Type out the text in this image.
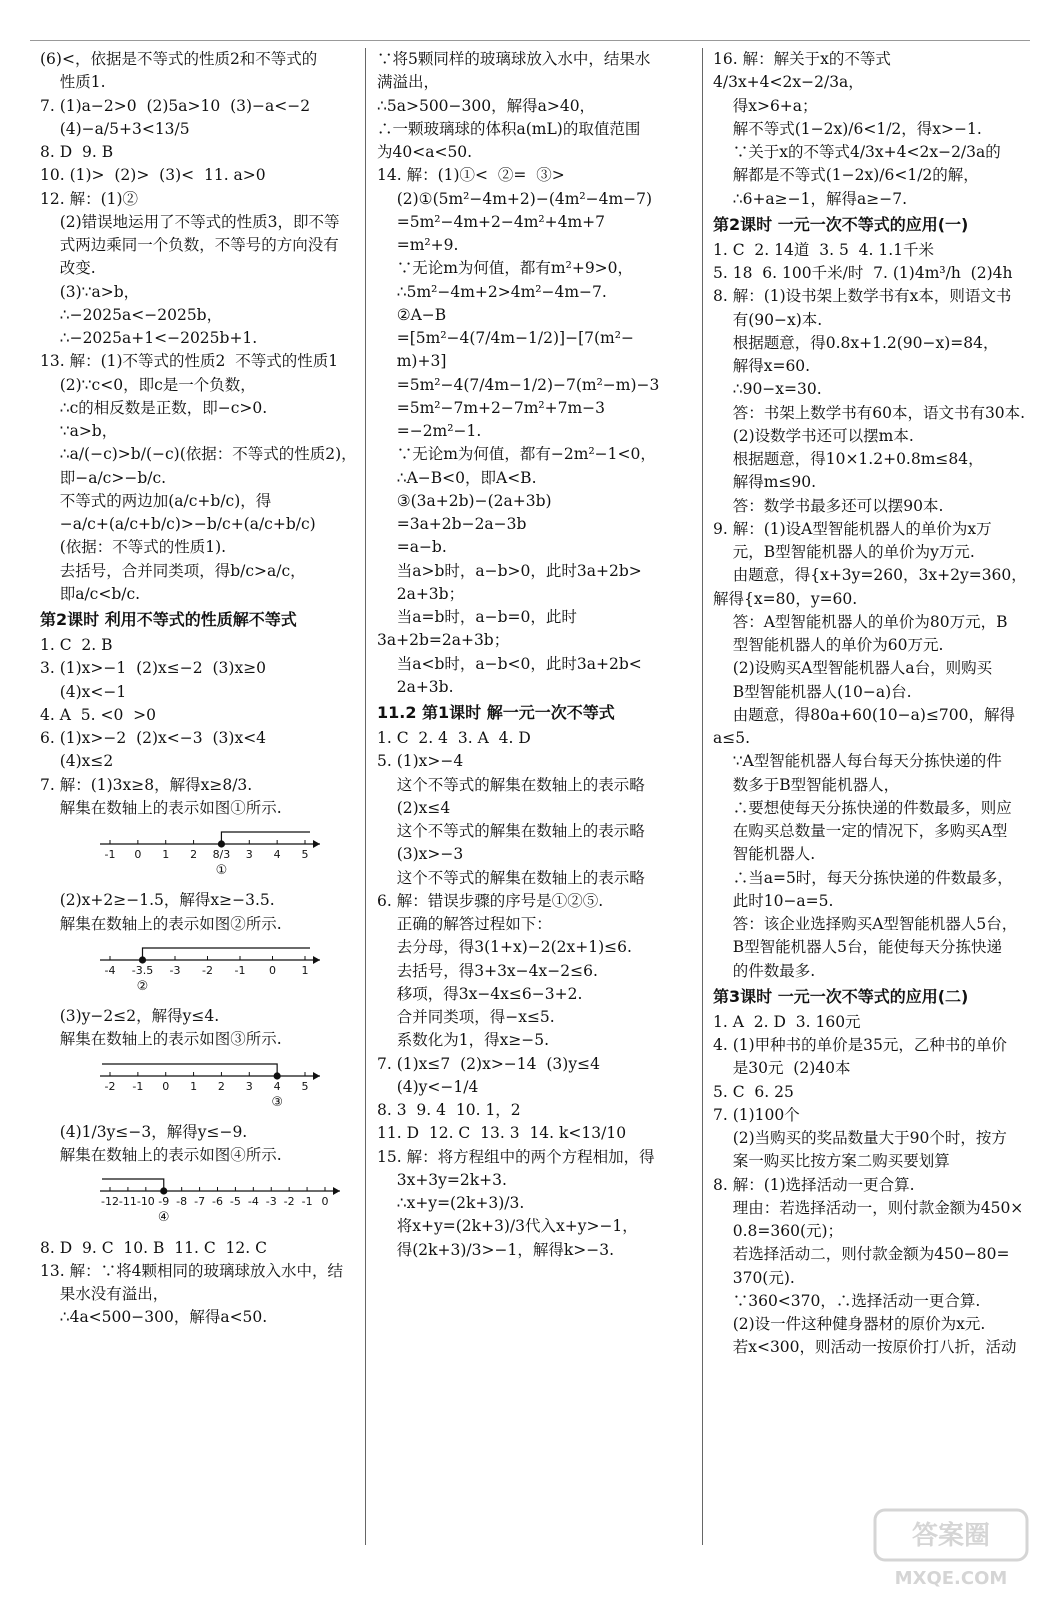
(6)<，依据是不等式的性质2和不等式的
性质1.
7. (1)a−2>0  (2)5a>10  (3)−a<−2
(4)−a/5+3<13/5
8. D  9. B
10. (1)>  (2)>  (3)<  11. a>0
12. 解：(1)②
(2)错误地运用了不等式的性质3，即不等
式两边乘同一个负数，不等号的方向没有
改变.
(3)∵a>b，
∴−2025a<−2025b，
∴−2025a+1<−2025b+1.
13. 解：(1)不等式的性质2  不等式的性质1
(2)∵c<0，即c是一个负数，
∴c的相反数是正数，即−c>0.
∵a>b，
∴a/(−c)>b/(−c)(依据：不等式的性质2)，
即−a/c>−b/c.
不等式的两边加(a/c+b/c)，得
−a/c+(a/c+b/c)>−b/c+(a/c+b/c)
(依据：不等式的性质1).
去括号，合并同类项，得b/c>a/c，
即a/c<b/c.
第2课时 利用不等式的性质解不等式
1. C  2. B
3. (1)x>−1  (2)x≤−2  (3)x≥0
(4)x<−1
4. A  5. <0  >0
6. (1)x>−2  (2)x<−3  (3)x<4
(4)x≤2
7. 解：(1)3x≥8，解得x≥8/3.
解集在数轴上的表示如图①所示.
-1 0 1 2 8/3 3 4 5
①
(2)x+2≥−1.5，解得x≥−3.5.
解集在数轴上的表示如图②所示.
-4 -3.5 -3 -2 -1 0 1
②
(3)y−2≤2，解得y≤4.
解集在数轴上的表示如图③所示.
-2 -1 0 1 2 3 4 5
③
(4)1/3y≤−3，解得y≤−9.
解集在数轴上的表示如图④所示.
-12 -11 -10 -9 -8 -7 -6 -5 -4 -3 -2 -1 0
④
8. D  9. C  10. B  11. C  12. C
13. 解：∵将4颗相同的玻璃球放入水中，结
果水没有溢出，
∴4a<500−300，解得a<50.
∵将5颗同样的玻璃球放入水中，结果水
满溢出，
∴5a>500−300，解得a>40，
∴一颗玻璃球的体积a(mL)的取值范围
为40<a<50.
14. 解：(1)①<  ②=  ③>
(2)①(5m²−4m+2)−(4m²−4m−7)
=5m²−4m+2−4m²+4m+7
=m²+9.
∵无论m为何值，都有m²+9>0，
∴5m²−4m+2>4m²−4m−7.
②A−B
=[5m²−4(7/4m−1/2)]−[7(m²−
m)+3]
=5m²−4(7/4m−1/2)−7(m²−m)−3
=5m²−7m+2−7m²+7m−3
=−2m²−1.
∵无论m为何值，都有−2m²−1<0，
∴A−B<0，即A<B.
③(3a+2b)−(2a+3b)
=3a+2b−2a−3b
=a−b.
当a>b时，a−b>0，此时3a+2b>
2a+3b；
当a=b时，a−b=0，此时3a+2b=2a+3b；
当a<b时，a−b<0，此时3a+2b<
2a+3b.
11.2 第1课时 解一元一次不等式
1. C  2. 4  3. A  4. D
5. (1)x>−4
这个不等式的解集在数轴上的表示略
(2)x≤4
这个不等式的解集在数轴上的表示略
(3)x>−3
这个不等式的解集在数轴上的表示略
6. 解：错误步骤的序号是①②⑤.
正确的解答过程如下：
去分母，得3(1+x)−2(2x+1)≤6.
去括号，得3+3x−4x−2≤6.
移项，得3x−4x≤6−3+2.
合并同类项，得−x≤5.
系数化为1，得x≥−5.
7. (1)x≤7  (2)x>−14  (3)y≤4
(4)y<−1/4
8. 3  9. 4  10. 1，2
11. D  12. C  13. 3  14. k<13/10
15. 解：将方程组中的两个方程相加，得
3x+3y=2k+3.
∴x+y=(2k+3)/3.
将x+y=(2k+3)/3代入x+y>−1，
得(2k+3)/3>−1，解得k>−3.
16. 解：解关于x的不等式4/3x+4<2x−2/3a，
得x>6+a；
解不等式(1−2x)/6<1/2，得x>−1.
∵关于x的不等式4/3x+4<2x−2/3a的
解都是不等式(1−2x)/6<1/2的解，
∴6+a≥−1，解得a≥−7.
第2课时 一元一次不等式的应用(一)
1. C  2. 14道  3. 5  4. 1.1千米
5. 18  6. 100千米/时  7. (1)4m³/h  (2)4h
8. 解：(1)设书架上数学书有x本，则语文书
有(90−x)本.
根据题意，得0.8x+1.2(90−x)=84，
解得x=60.
∴90−x=30.
答：书架上数学书有60本，语文书有30本.
(2)设数学书还可以摆m本.
根据题意，得10×1.2+0.8m≤84，
解得m≤90.
答：数学书最多还可以摆90本.
9. 解：(1)设A型智能机器人的单价为x万
元，B型智能机器人的单价为y万元.
由题意，得{x+3y=260，3x+2y=360，解得{x=80，y=60.
答：A型智能机器人的单价为80万元，B
型智能机器人的单价为60万元.
(2)设购买A型智能机器人a台，则购买
B型智能机器人(10−a)台.
由题意，得80a+60(10−a)≤700，解得a≤5.
∵A型智能机器人每台每天分拣快递的件
数多于B型智能机器人，
∴要想使每天分拣快递的件数最多，则应
在购买总数量一定的情况下，多购买A型
智能机器人.
∴当a=5时，每天分拣快递的件数最多，
此时10−a=5.
答：该企业选择购买A型智能机器人5台，
B型智能机器人5台，能使每天分拣快递
的件数最多.
第3课时 一元一次不等式的应用(二)
1. A  2. D  3. 160元
4. (1)甲种书的单价是35元，乙种书的单价
是30元  (2)40本
5. C  6. 25
7. (1)100个
(2)当购买的奖品数量大于90个时，按方
案一购买比按方案二购买要划算
8. 解：(1)选择活动一更合算.
理由：若选择活动一，则付款金额为450×
0.8=360(元)；
若选择活动二，则付款金额为450−80=
370(元).
∵360<370，∴选择活动一更合算.
(2)设一件这种健身器材的原价为x元.
若x<300，则活动一按原价打八折，活动
答案圈
MXQE.COM
